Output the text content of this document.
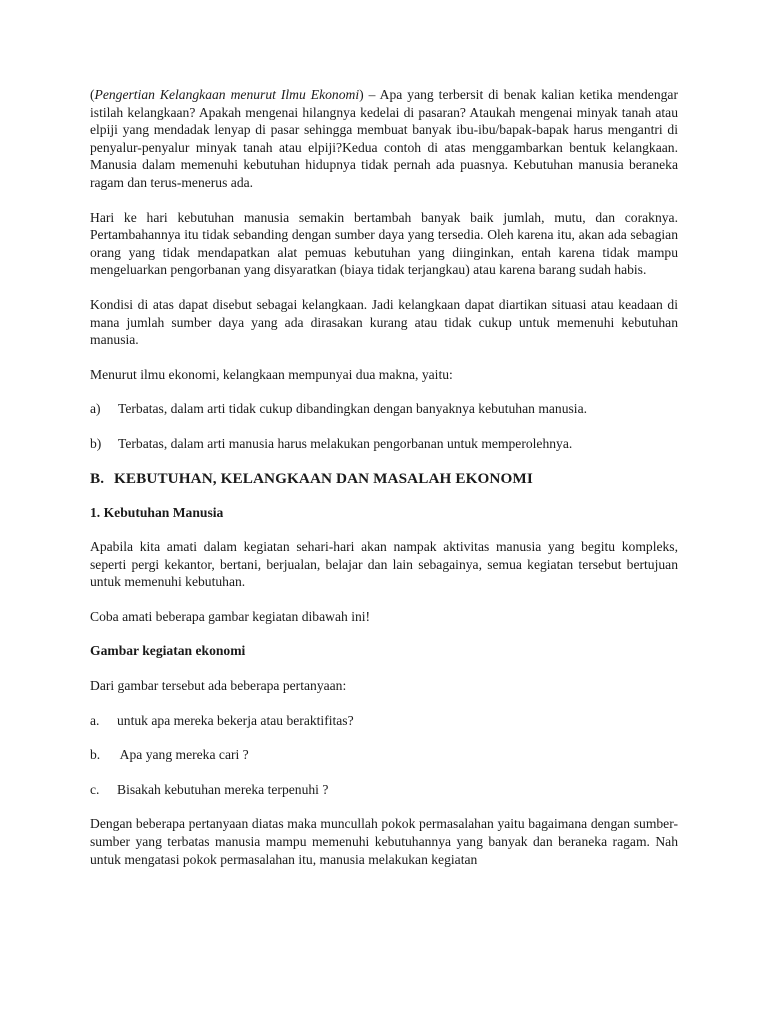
(Pengertian Kelangkaan menurut Ilmu Ekonomi) – Apa yang terbersit di benak kalian ketika mendengar istilah kelangkaan? Apakah mengenai hilangnya kedelai di pasaran? Ataukah mengenai minyak tanah atau elpiji yang mendadak lenyap di pasar sehingga membuat banyak ibu-ibu/bapak-bapak harus mengantri di penyalur-penyalur minyak tanah atau elpiji?Kedua contoh di atas menggambarkan bentuk kelangkaan. Manusia dalam memenuhi kebutuhan hidupnya tidak pernah ada puasnya. Kebutuhan manusia beraneka ragam dan terus-menerus ada.

Hari ke hari kebutuhan manusia semakin bertambah banyak baik jumlah, mutu, dan coraknya. Pertambahannya itu tidak sebanding dengan sumber daya yang tersedia. Oleh karena itu, akan ada sebagian orang yang tidak mendapatkan alat pemuas kebutuhan yang diinginkan, entah karena tidak mampu mengeluarkan pengorbanan yang disyaratkan (biaya tidak terjangkau) atau karena barang sudah habis.

Kondisi di atas dapat disebut sebagai kelangkaan. Jadi kelangkaan dapat diartikan situasi atau keadaan di mana jumlah sumber daya yang ada dirasakan kurang atau tidak cukup untuk memenuhi kebutuhan manusia.

Menurut ilmu ekonomi, kelangkaan mempunyai dua makna, yaitu:

a)	Terbatas, dalam arti tidak cukup dibandingkan dengan banyaknya kebutuhan manusia.
b)	Terbatas, dalam arti manusia harus melakukan pengorbanan untuk memperolehnya.

B. KEBUTUHAN, KELANGKAAN DAN MASALAH EKONOMI

1. Kebutuhan Manusia

Apabila kita amati dalam kegiatan sehari-hari akan nampak aktivitas manusia yang begitu kompleks, seperti pergi kekantor, bertani, berjualan, belajar dan lain sebagainya, semua kegiatan tersebut bertujuan untuk memenuhi kebutuhan.

Coba amati beberapa gambar kegiatan dibawah ini!

Gambar kegiatan ekonomi

Dari gambar tersebut ada beberapa pertanyaan:

a.	untuk apa mereka bekerja atau beraktifitas?
b.	Apa yang mereka cari ?
c.	Bisakah kebutuhan mereka terpenuhi ?

Dengan beberapa pertanyaan diatas maka muncullah pokok permasalahan yaitu bagaimana dengan sumber-sumber yang terbatas manusia mampu memenuhi kebutuhannya yang banyak dan beraneka ragam. Nah untuk mengatasi pokok permasalahan itu, manusia melakukan kegiatan
